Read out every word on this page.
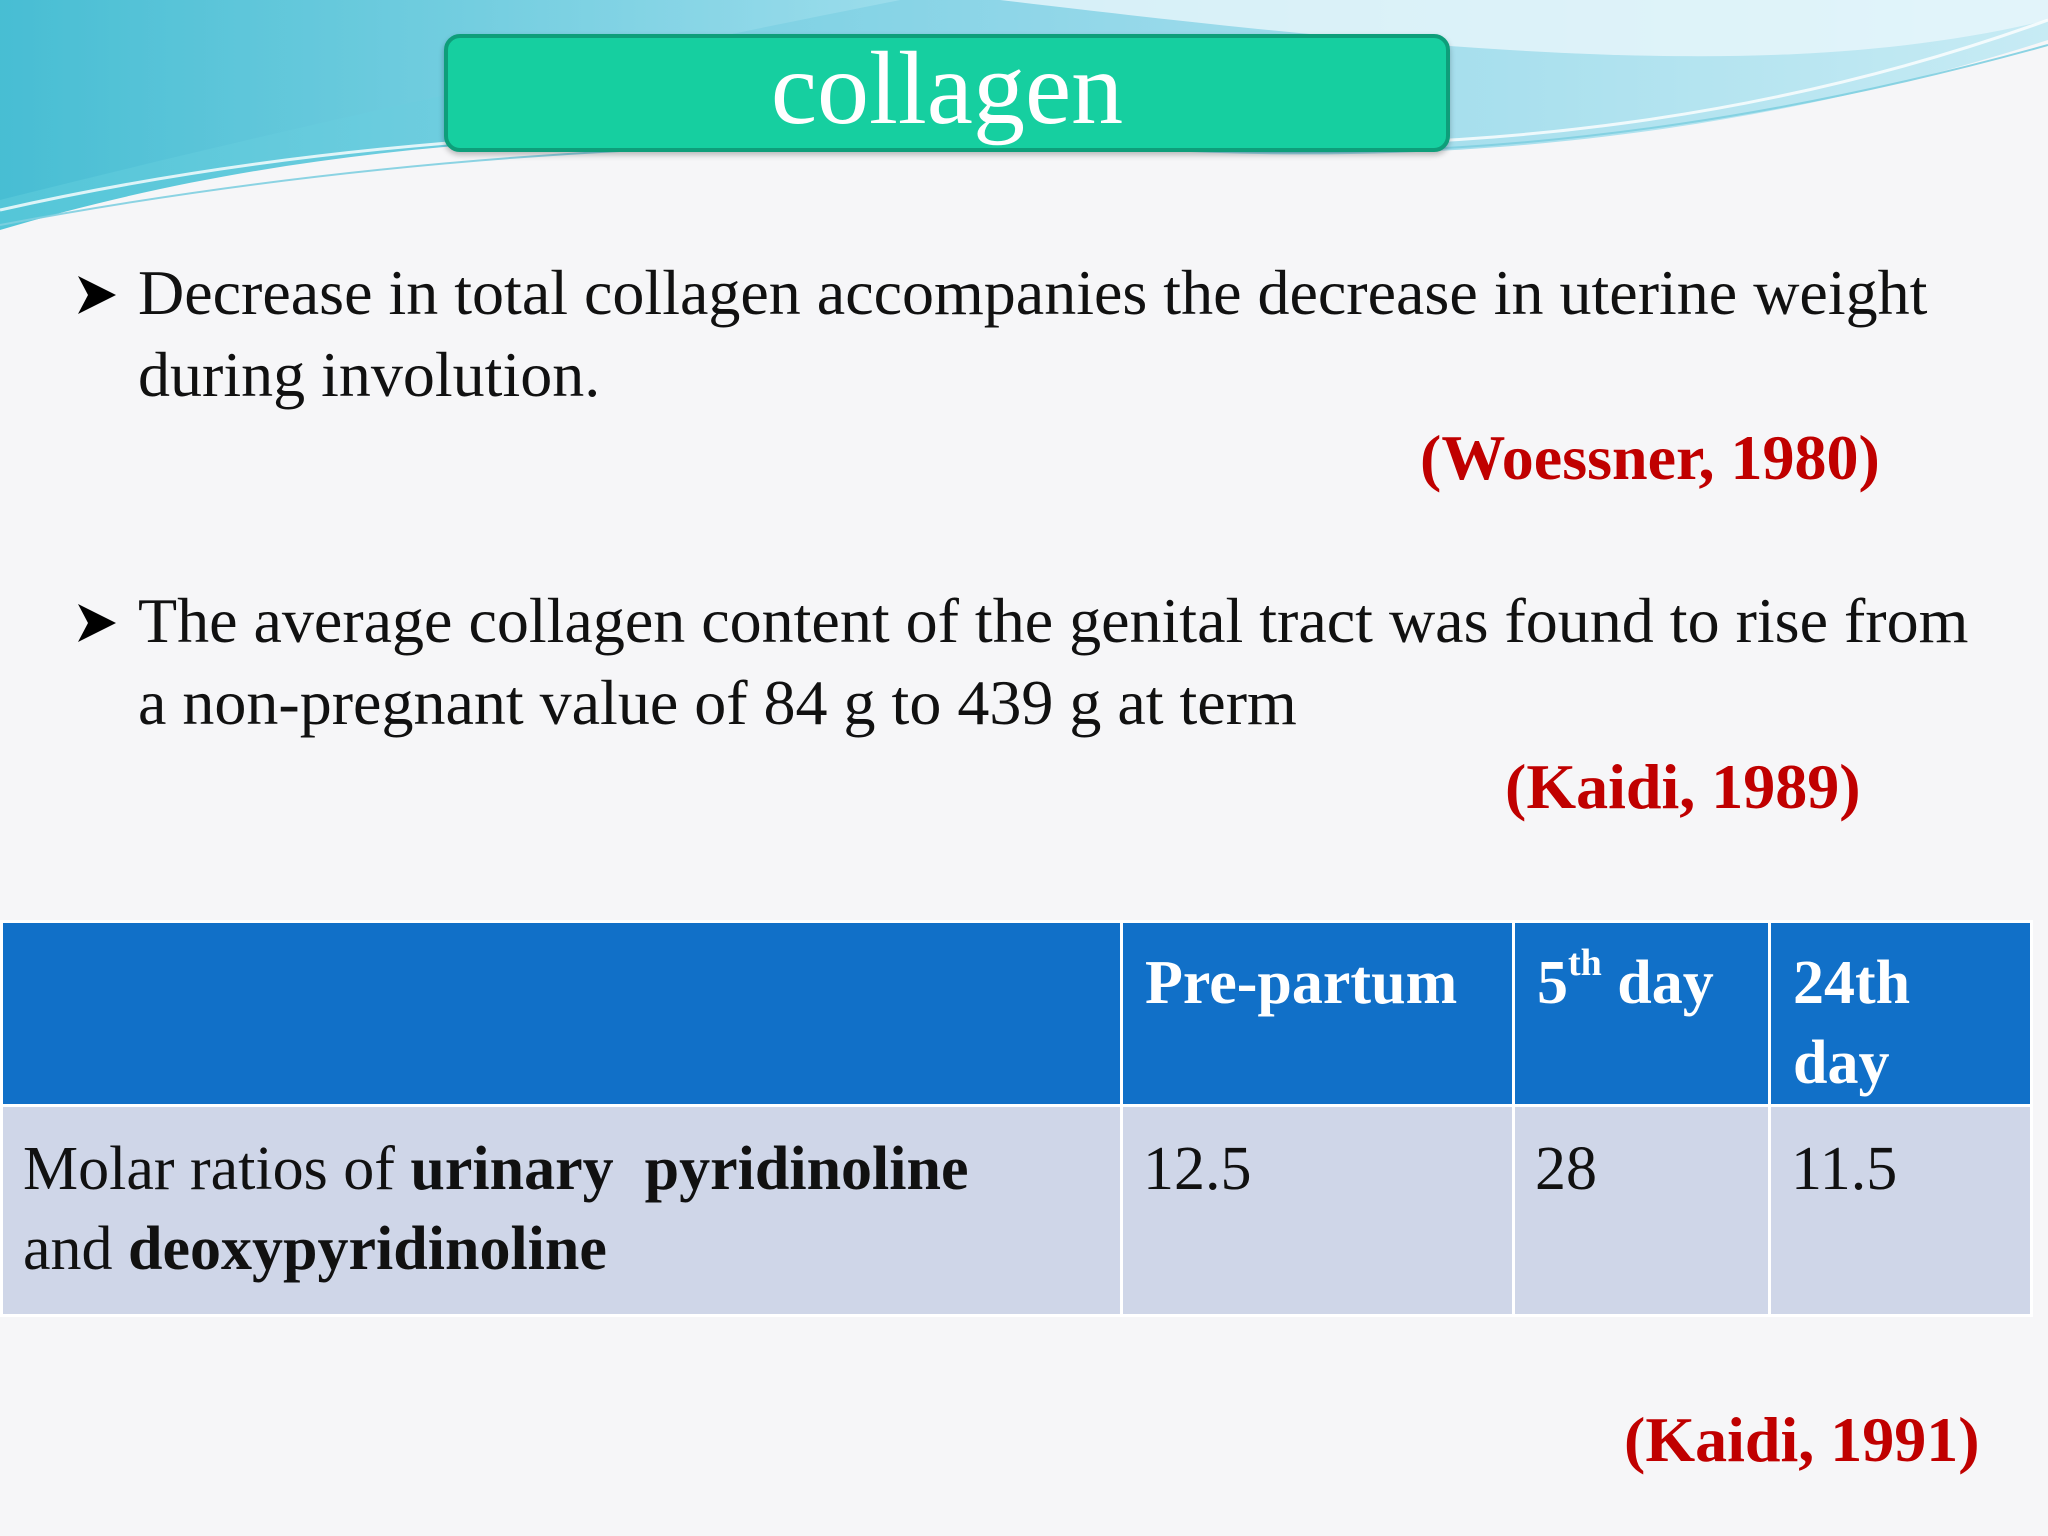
collagen
Decrease in total collagen accompanies the decrease in uterine weight during involution.
(Woessner, 1980)
The average collagen content of the genital tract was found to rise from a non-pregnant value of 84 g to 439 g at term
(Kaidi, 1989)
	Pre-partum	5th day	24th day
Molar ratios of urinary  pyridinoline
and deoxypyridinoline	12.5	28	11.5
(Kaidi, 1991)
